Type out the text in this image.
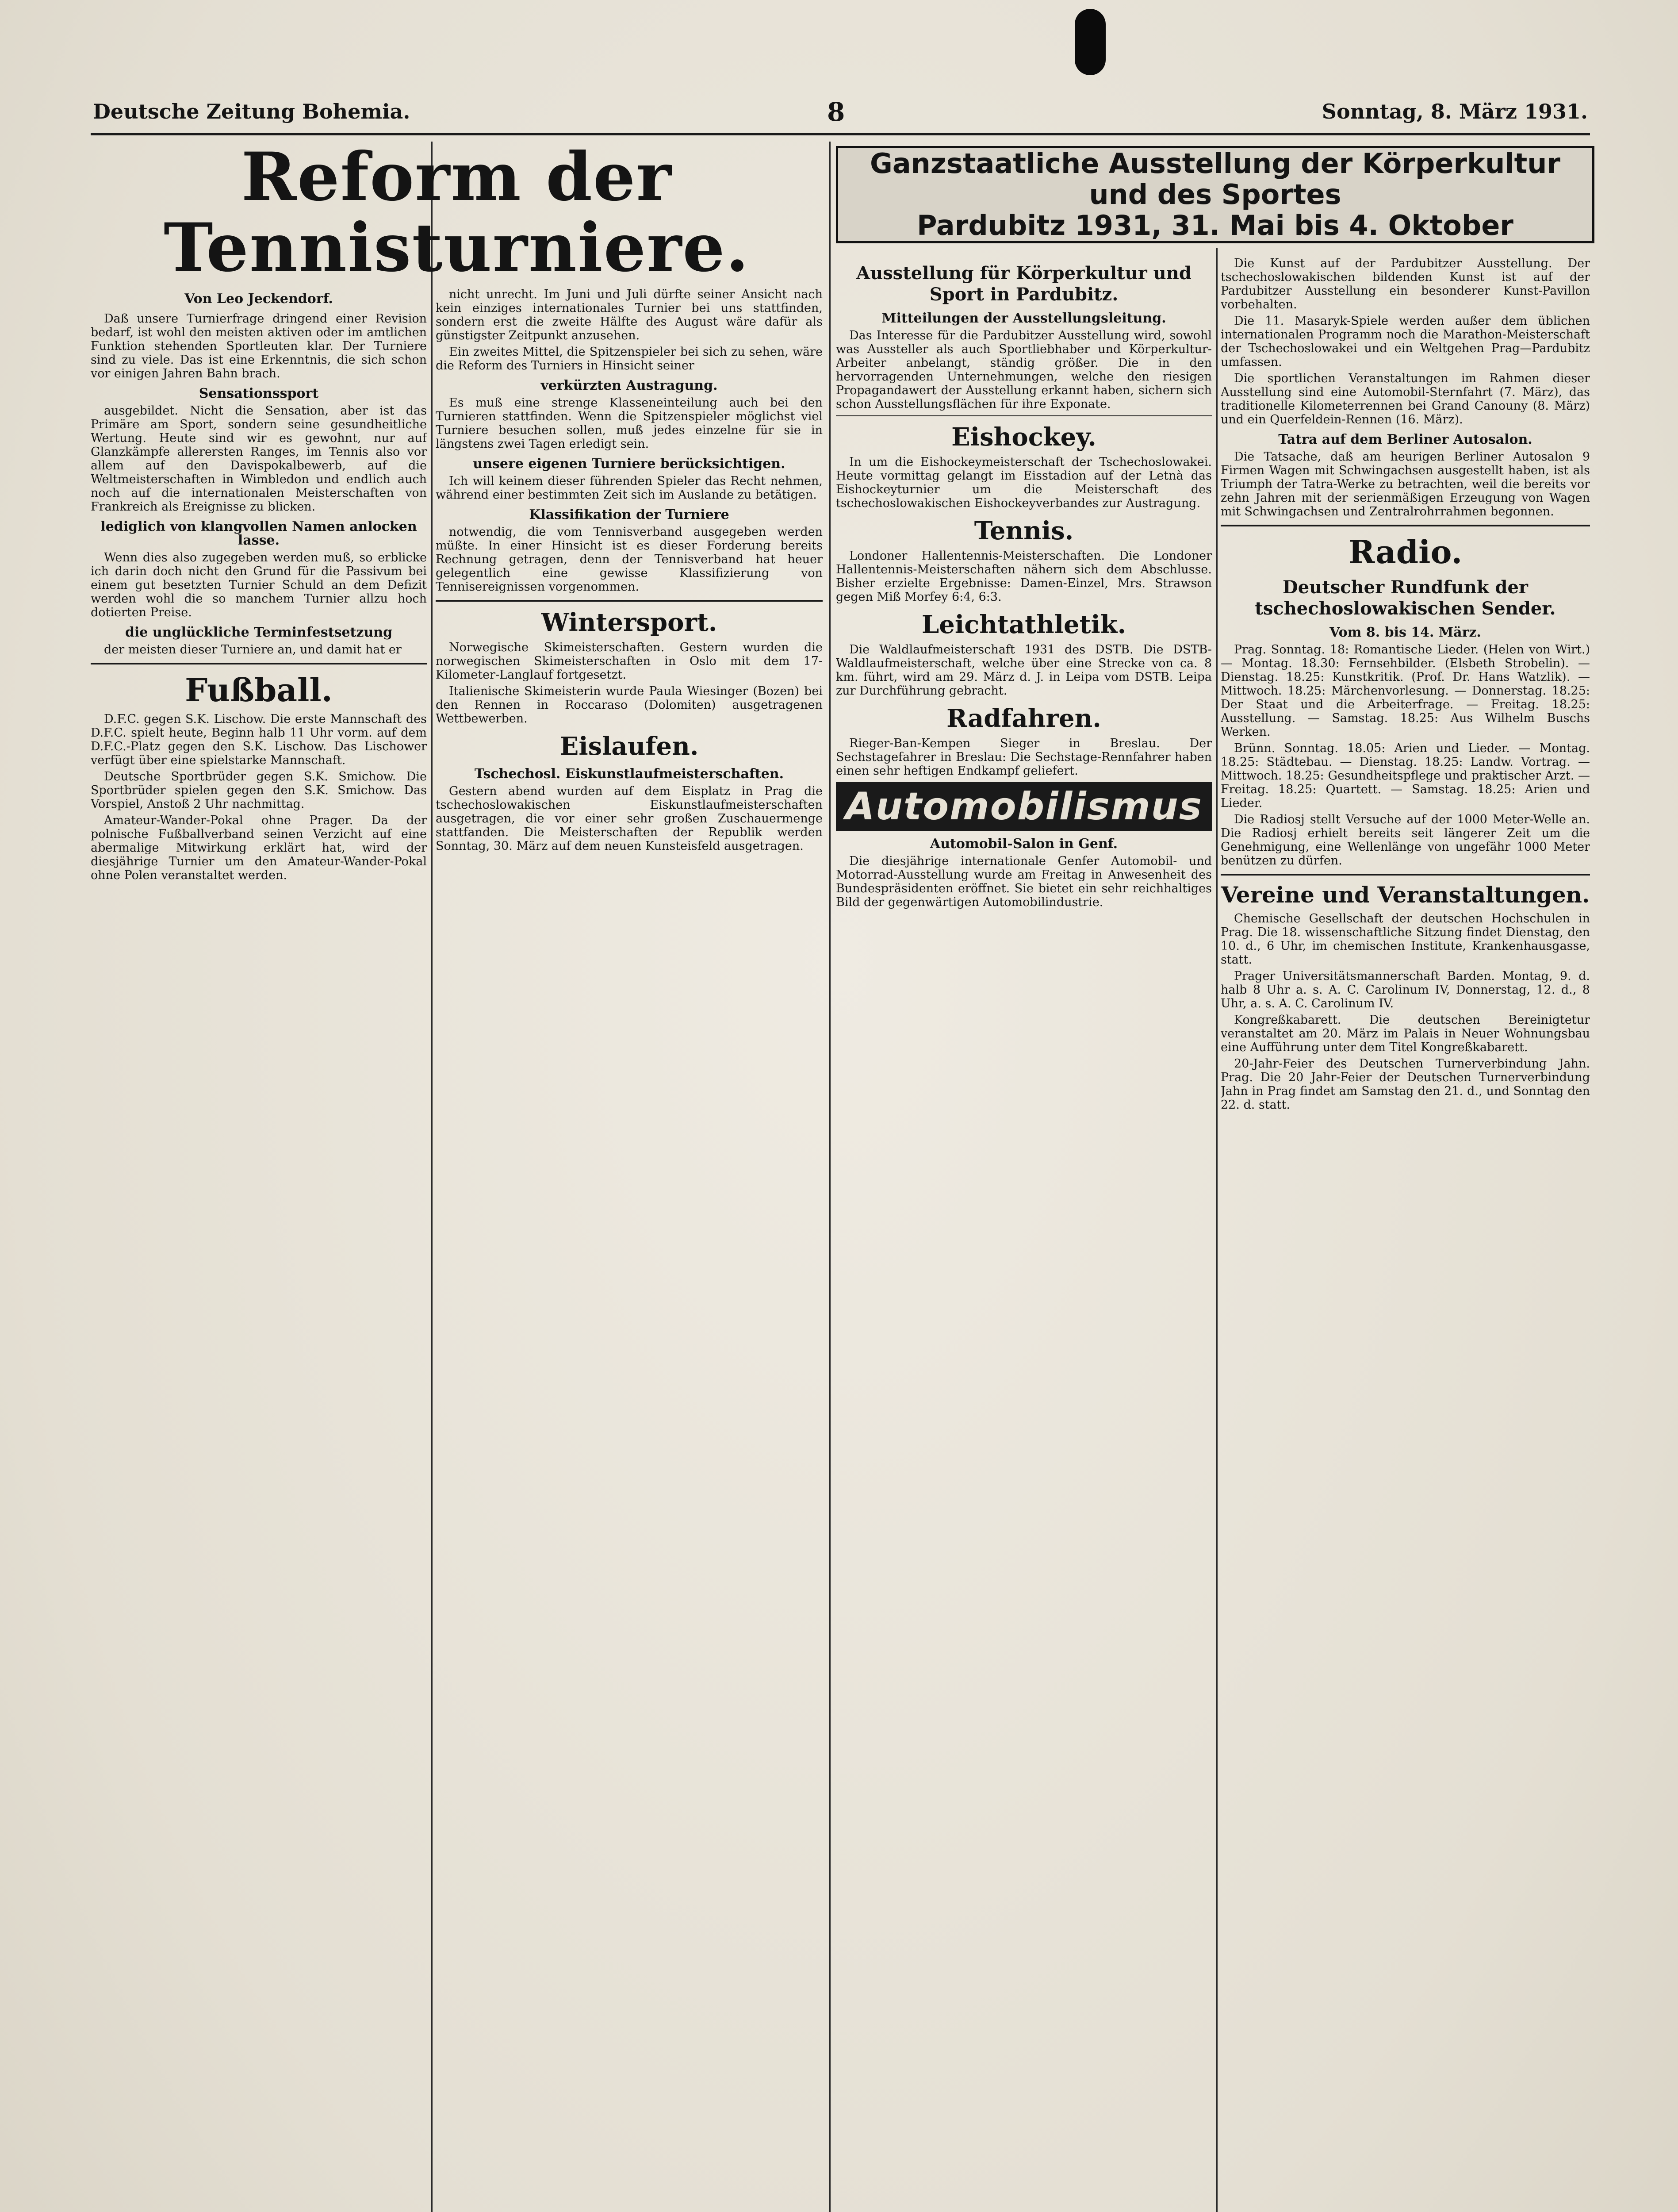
Deutsche Zeitung Bohemia.	8	Sonntag, 8. März 1931.
Reform der Tennisturniere.
Von Leo Jeckendorf.

Daß unsere Turnierfrage dringend einer Revision bedarf, ist wohl den meisten aktiven oder im amtlichen Funktion stehenden Sportleuten klar. Der Turniere sind zu viele. Das ist eine Erkenntnis, die sich schon vor einigen Jahren Bahn brach.

Sensationssport

ausgebildet. Nicht die Sensation, aber ist das Primäre am Sport, sondern seine gesundheitliche Wertung. Heute sind wir es gewohnt, nur auf Glanzkämpfe allerersten Ranges, im Tennis also vor allem auf den Davispokalbewerb, auf die Weltmeisterschaften in Wimbledon und endlich auch noch auf die internationalen Meisterschaften von Frankreich als Ereignisse zu blicken.

lediglich von klangvollen Namen anlocken lasse.

Wenn dies also zugegeben werden muß, so erblicke ich darin doch nicht den Grund für die Passivum bei einem gut besetzten Turnier Schuld an dem Defizit werden wohl die so manchem Turnier allzu hoch dotierten Preise.

die unglückliche Terminfestsetzung

der meisten dieser Turniere an, und damit hat er

Fußball.

D.F.C. gegen S.K. Lischow. Die erste Mannschaft des D.F.C. spielt heute, Beginn halb 11 Uhr vorm. auf dem D.F.C.-Platz gegen den S.K. Lischow. Das Lischower verfügt über eine spielstarke Mannschaft.

Deutsche Sportbrüder gegen S.K. Smichow. Die Sportbrüder spielen gegen den S.K. Smichow. Das Vorspiel, Anstoß 2 Uhr nachmittag.

Amateur-Wander-Pokal ohne Prager. Da der polnische Fußballverband seinen Verzicht auf eine abermalige Mitwirkung erklärt hat, wird der diesjährige Turnier um den Amateur-Wander-Pokal ohne Polen veranstaltet werden.

nicht unrecht. Im Juni und Juli dürfte seiner Ansicht nach kein einziges internationales Turnier bei uns stattfinden, sondern erst die zweite Hälfte des August wäre dafür als günstigster Zeitpunkt anzusehen.

Ein zweites Mittel, die Spitzenspieler bei sich zu sehen, wäre die Reform des Turniers in Hinsicht seiner

verkürzten Austragung.

Es muß eine strenge Klasseneinteilung auch bei den Turnieren stattfinden. Wenn die Spitzenspieler möglichst viel Turniere besuchen sollen, muß jedes einzelne für sie in längstens zwei Tagen erledigt sein.

unsere eigenen Turniere berücksichtigen.

Ich will keinem dieser führenden Spieler das Recht nehmen, während einer bestimmten Zeit sich im Auslande zu betätigen.

Klassifikation der Turniere

notwendig, die vom Tennisverband ausgegeben werden müßte. In einer Hinsicht ist es dieser Forderung bereits Rechnung getragen, denn der Tennisverband hat heuer gelegentlich eine gewisse Klassifizierung von Tennisereignissen vorgenommen.

Wintersport.

Norwegische Skimeisterschaften. Gestern wurden die norwegischen Skimeisterschaften in Oslo mit dem 17-Kilometer-Langlauf fortgesetzt.

Italienische Skimeisterin wurde Paula Wiesinger (Bozen) bei den Rennen in Roccaraso (Dolomiten) ausgetragenen Wettbewerben.

Eislaufen.
Tschechosl. Eiskunstlaufmeisterschaften.

Gestern abend wurden auf dem Eisplatz in Prag die tschechoslowakischen Eiskunstlaufmeisterschaften ausgetragen, die vor einer sehr großen Zuschauermenge stattfanden. Die Meisterschaften der Republik werden Sonntag, 30. März auf dem neuen Kunsteisfeld ausgetragen.

Ganzstaatliche Ausstellung der Körperkultur
und des Sportes
Pardubitz 1931, 31. Mai bis 4. Oktober
Ausstellung für Körperkultur und Sport in Pardubitz.
Mitteilungen der Ausstellungsleitung.

Das Interesse für die Pardubitzer Ausstellung wird, sowohl was Aussteller als auch Sportliebhaber und Körperkultur-Arbeiter anbelangt, ständig größer. Die in den hervorragenden Unternehmungen, welche den riesigen Propagandawert der Ausstellung erkannt haben, sichern sich schon Ausstellungsflächen für ihre Exponate.

Eishockey.

In um die Eishockeymeisterschaft der Tschechoslowakei. Heute vormittag gelangt im Eisstadion auf der Letnà das Eishockeyturnier um die Meisterschaft des tschechoslowakischen Eishockeyverbandes zur Austragung.

Tennis.

Londoner Hallentennis-Meisterschaften. Die Londoner Hallentennis-Meisterschaften nähern sich dem Abschlusse. Bisher erzielte Ergebnisse: Damen-Einzel, Mrs. Strawson gegen Miß Morfey 6:4, 6:3.

Leichtathletik.

Die Waldlaufmeisterschaft 1931 des DSTB. Die DSTB-Waldlaufmeisterschaft, welche über eine Strecke von ca. 8 km. führt, wird am 29. März d. J. in Leipa vom DSTB. Leipa zur Durchführung gebracht.

Radfahren.

Rieger-Ban-Kempen Sieger in Breslau. Der Sechstagefahrer in Breslau: Die Sechstage-Rennfahrer haben einen sehr heftigen Endkampf geliefert.

Automobilismus
Automobil-Salon in Genf.

Die diesjährige internationale Genfer Automobil- und Motorrad-Ausstellung wurde am Freitag in Anwesenheit des Bundespräsidenten eröffnet. Sie bietet ein sehr reichhaltiges Bild der gegenwärtigen Automobilindustrie.

Die Kunst auf der Pardubitzer Ausstellung. Der tschechoslowakischen bildenden Kunst ist auf der Pardubitzer Ausstellung ein besonderer Kunst-Pavillon vorbehalten.

Die 11. Masaryk-Spiele werden außer dem üblichen internationalen Programm noch die Marathon-Meisterschaft der Tschechoslowakei und ein Weltgehen Prag—Pardubitz umfassen.

Die sportlichen Veranstaltungen im Rahmen dieser Ausstellung sind eine Automobil-Sternfahrt (7. März), das traditionelle Kilometerrennen bei Grand Canouny (8. März) und ein Querfeldein-Rennen (16. März).

Tatra auf dem Berliner Autosalon.

Die Tatsache, daß am heurigen Berliner Autosalon 9 Firmen Wagen mit Schwingachsen ausgestellt haben, ist als Triumph der Tatra-Werke zu betrachten, weil die bereits vor zehn Jahren mit der serienmäßigen Erzeugung von Wagen mit Schwingachsen und Zentralrohrrahmen begonnen.

Radio.
Deutscher Rundfunk der tschechoslowakischen Sender.
Vom 8. bis 14. März.

Prag. Sonntag. 18: Romantische Lieder. (Helen von Wirt.) — Montag. 18.30: Fernsehbilder. (Elsbeth Strobelin). — Dienstag. 18.25: Kunstkritik. (Prof. Dr. Hans Watzlik). — Mittwoch. 18.25: Märchenvorlesung. — Donnerstag. 18.25: Der Staat und die Arbeiterfrage. — Freitag. 18.25: Ausstellung. — Samstag. 18.25: Aus Wilhelm Buschs Werken.

Brünn. Sonntag. 18.05: Arien und Lieder. — Montag. 18.25: Städtebau. — Dienstag. 18.25: Landw. Vortrag. — Mittwoch. 18.25: Gesundheitspflege und praktischer Arzt. — Freitag. 18.25: Quartett. — Samstag. 18.25: Arien und Lieder.

Die Radiosj stellt Versuche auf der 1000 Meter-Welle an. Die Radiosj erhielt bereits seit längerer Zeit um die Genehmigung, eine Wellenlänge von ungefähr 1000 Meter benützen zu dürfen.

Vereine und Veranstaltungen.

Chemische Gesellschaft der deutschen Hochschulen in Prag. Die 18. wissenschaftliche Sitzung findet Dienstag, den 10. d., 6 Uhr, im chemischen Institute, Krankenhausgasse, statt.

Prager Universitätsmannerschaft Barden. Montag, 9. d. halb 8 Uhr a. s. A. C. Carolinum IV, Donnerstag, 12. d., 8 Uhr, a. s. A. C. Carolinum IV.

Kongreßkabarett. Die deutschen Bereinigtetur veranstaltet am 20. März im Palais in Neuer Wohnungsbau eine Aufführung unter dem Titel Kongreßkabarett.

20-Jahr-Feier des Deutschen Turnerverbindung Jahn. Prag. Die 20 Jahr-Feier der Deutschen Turnerverbindung Jahn in Prag findet am Samstag den 21. d., und Sonntag den 22. d. statt.
